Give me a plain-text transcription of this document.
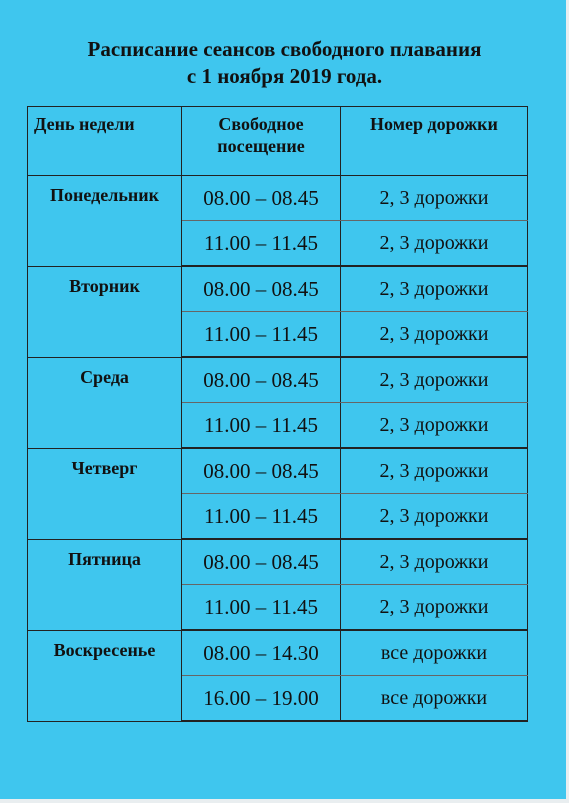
Расписание сеансов свободного плавания
с 1 ноября 2019 года.
День недели	Свободное посещение	Номер дорожки
Понедельник	08.00 – 08.45	2, 3 дорожки
	11.00 – 11.45	2, 3 дорожки
Вторник	08.00 – 08.45	2, 3 дорожки
	11.00 – 11.45	2, 3 дорожки
Среда	08.00 – 08.45	2, 3 дорожки
	11.00 – 11.45	2, 3 дорожки
Четверг	08.00 – 08.45	2, 3 дорожки
	11.00 – 11.45	2, 3 дорожки
Пятница	08.00 – 08.45	2, 3 дорожки
	11.00 – 11.45	2, 3 дорожки
Воскресенье	08.00 – 14.30	все дорожки
	16.00 – 19.00	все дорожки
